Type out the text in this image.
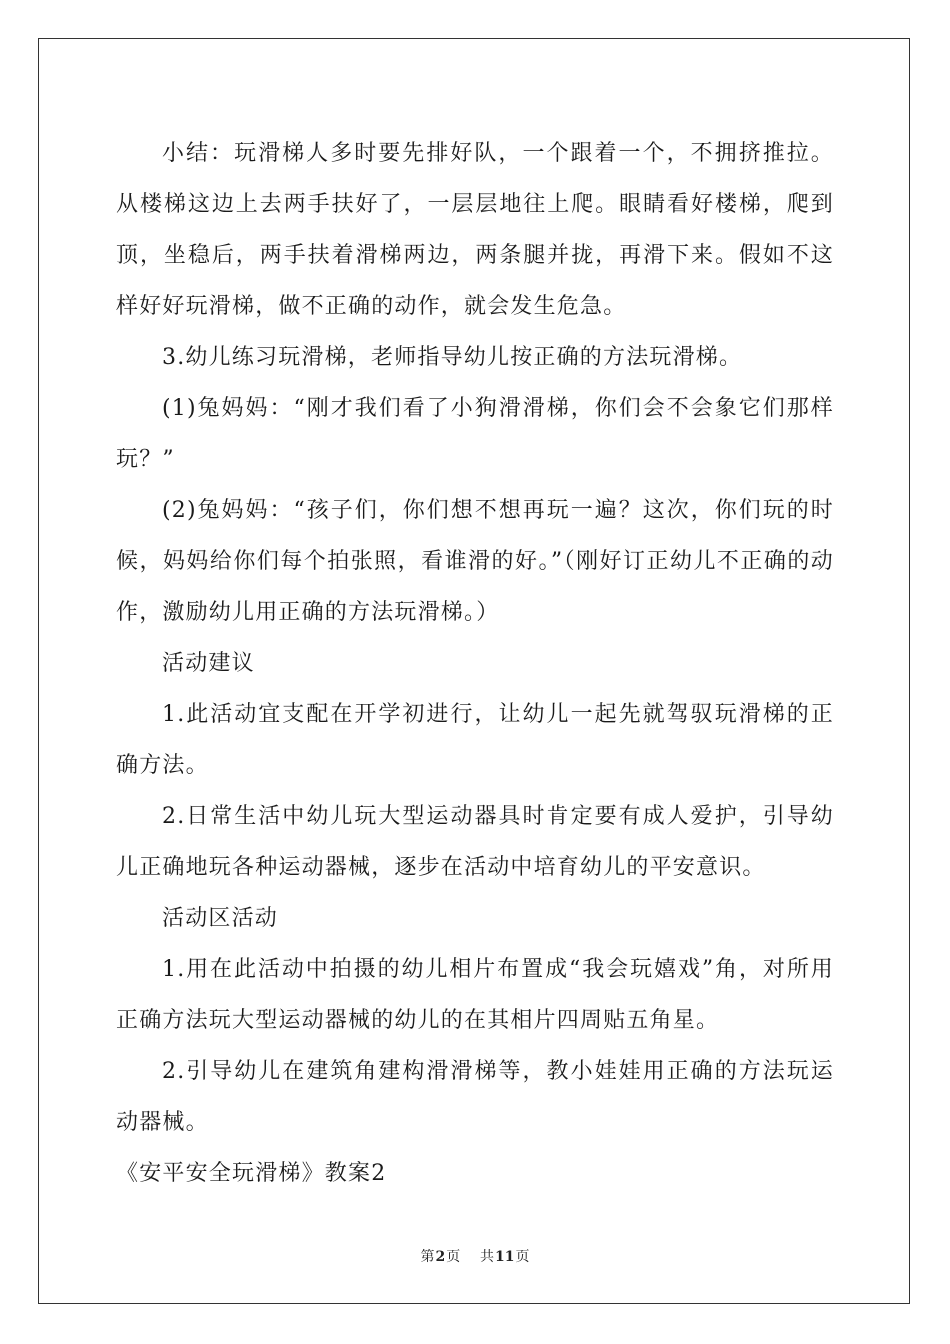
小结：玩滑梯人多时要先排好队，一个跟着一个，不拥挤推拉。从楼梯这边上去两手扶好了，一层层地往上爬。眼睛看好楼梯，爬到顶，坐稳后，两手扶着滑梯两边，两条腿并拢，再滑下来。假如不这样好好玩滑梯，做不正确的动作，就会发生危急。

3.幼儿练习玩滑梯，老师指导幼儿按正确的方法玩滑梯。

(1)兔妈妈：“刚才我们看了小狗滑滑梯，你们会不会象它们那样玩？”

(2)兔妈妈：“孩子们，你们想不想再玩一遍？这次，你们玩的时候，妈妈给你们每个拍张照，看谁滑的好。”（刚好订正幼儿不正确的动作，激励幼儿用正确的方法玩滑梯。）

活动建议

1.此活动宜支配在开学初进行，让幼儿一起先就驾驭玩滑梯的正确方法。

2.日常生活中幼儿玩大型运动器具时肯定要有成人爱护，引导幼儿正确地玩各种运动器械，逐步在活动中培育幼儿的平安意识。

活动区活动

1.用在此活动中拍摄的幼儿相片布置成“我会玩嬉戏”角，对所用正确方法玩大型运动器械的幼儿的在其相片四周贴五角星。

2.引导幼儿在建筑角建构滑滑梯等，教小娃娃用正确的方法玩运动器械。

《安平安全玩滑梯》教案2

第2页 共11页
